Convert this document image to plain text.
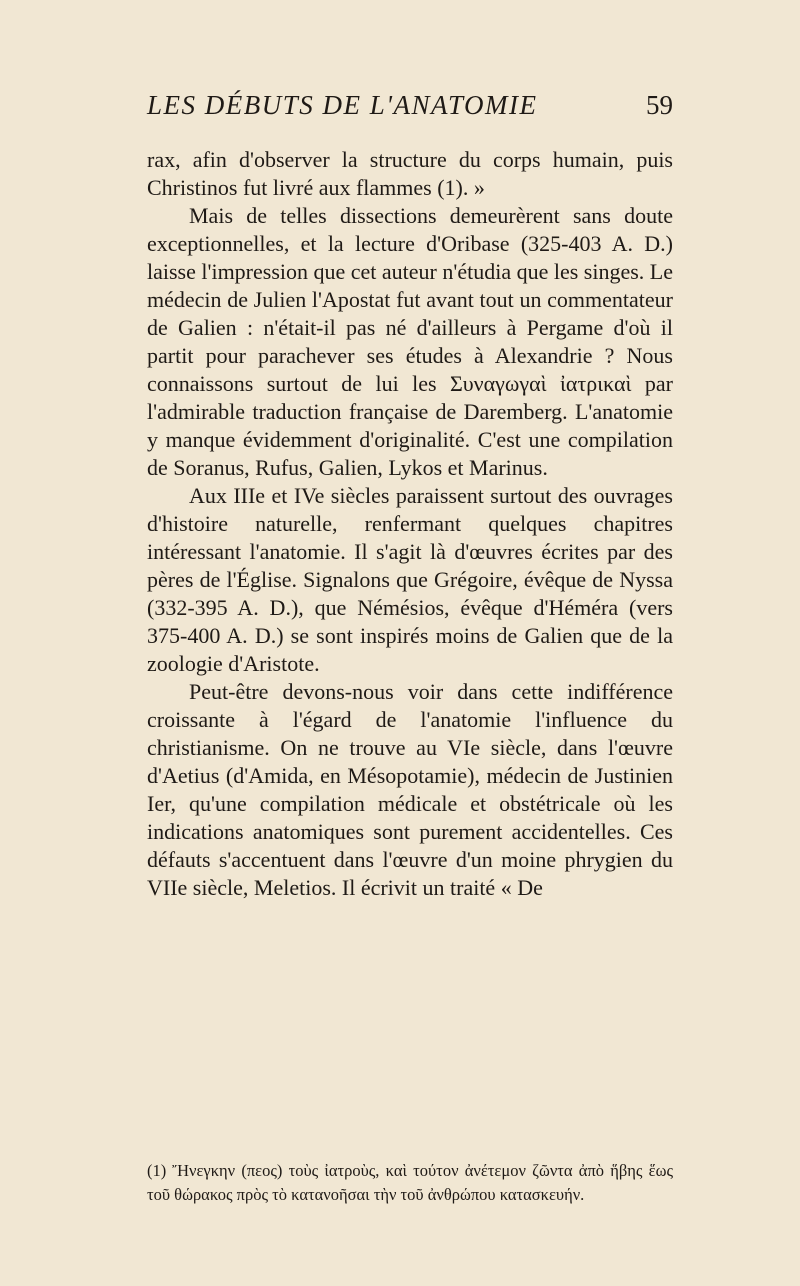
LES DÉBUTS DE L'ANATOMIE	59

rax, afin d'observer la structure du corps humain, puis Christinos fut livré aux flammes (1). »

Mais de telles dissections demeurèrent sans doute exceptionnelles, et la lecture d'Oribase (325-403 A. D.) laisse l'impression que cet auteur n'étudia que les singes. Le médecin de Julien l'Apostat fut avant tout un commentateur de Galien : n'était-il pas né d'ailleurs à Pergame d'où il partit pour parachever ses études à Alexandrie ? Nous connaissons surtout de lui les Συναγωγαὶ ἰατρικαὶ par l'admirable traduction française de Daremberg. L'anatomie y manque évidemment d'originalité. C'est une compilation de Soranus, Rufus, Galien, Lykos et Marinus.

Aux IIIe et IVe siècles paraissent surtout des ouvrages d'histoire naturelle, renfermant quelques chapitres intéressant l'anatomie. Il s'agit là d'œuvres écrites par des pères de l'Église. Signalons que Grégoire, évêque de Nyssa (332-395 A. D.), que Némésios, évêque d'Héméra (vers 375-400 A. D.) se sont inspirés moins de Galien que de la zoologie d'Aristote.

Peut-être devons-nous voir dans cette indifférence croissante à l'égard de l'anatomie l'influence du christianisme. On ne trouve au VIe siècle, dans l'œuvre d'Aetius (d'Amida, en Mésopotamie), médecin de Justinien Ier, qu'une compilation médicale et obstétricale où les indications anatomiques sont purement accidentelles. Ces défauts s'accentuent dans l'œuvre d'un moine phrygien du VIIe siècle, Meletios. Il écrivit un traité « De

(1) Ἤνεγκην (πεος) τοὺς ἰατροὺς, καὶ τούτον ἀνέτεμον ζῶντα ἀπὸ ἥβης ἕως τοῦ θώρακος πρὸς τὸ κατανοῆσαι τὴν τοῦ ἀνθρώπου κατασκευήν.
